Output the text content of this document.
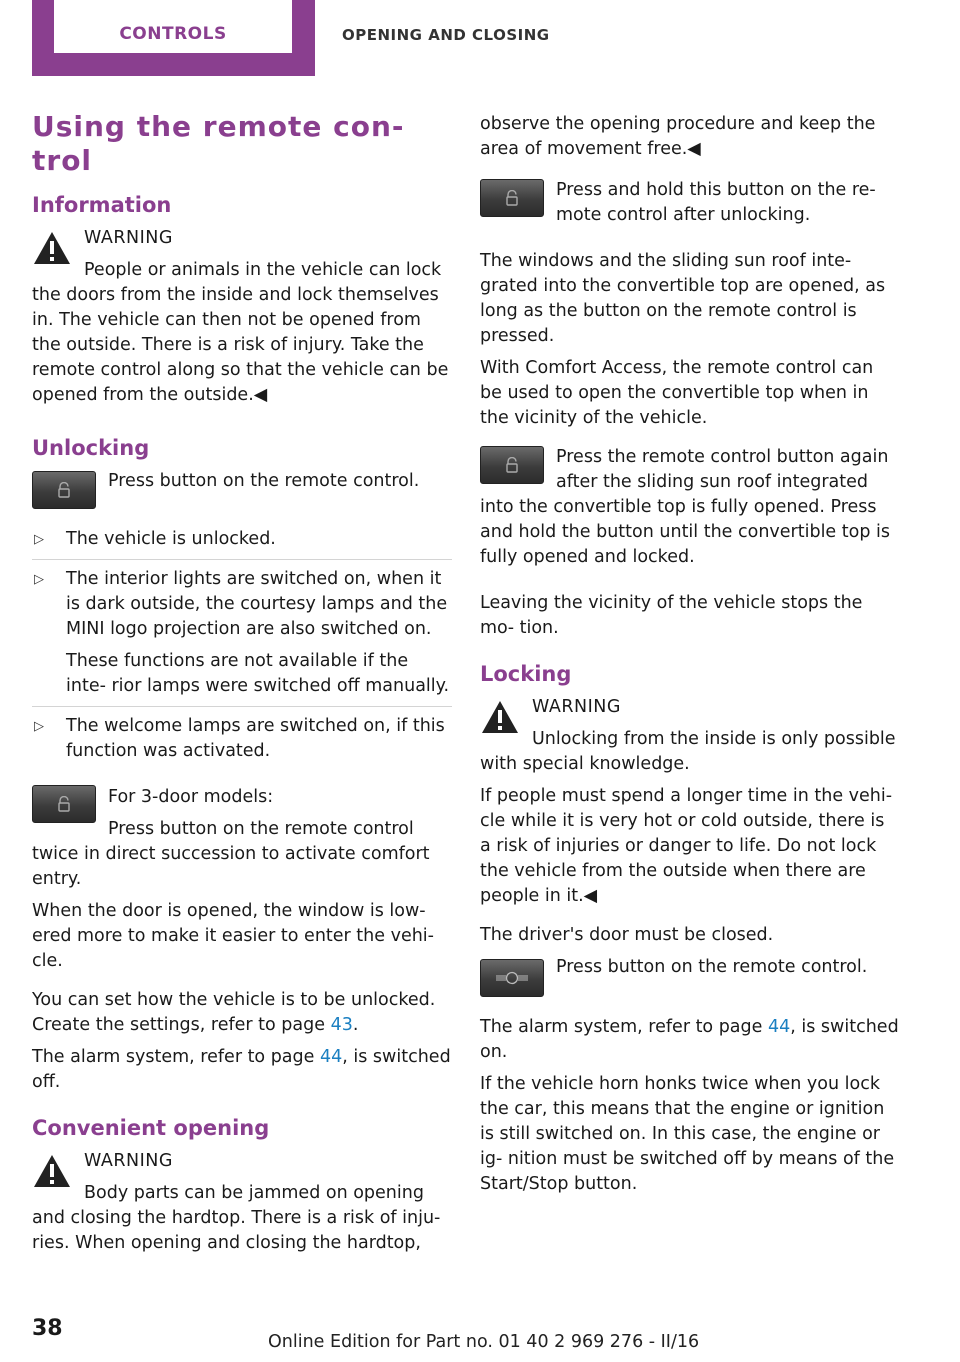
CONTROLS	OPENING AND CLOSING
Using the remote con‐ trol
Information
WARNING

People or animals in the vehicle can lock the doors from the inside and lock themselves in. The vehicle can then not be opened from the outside. There is a risk of injury. Take the remote control along so that the vehicle can be opened from the outside.◀

Unlocking

Press button on the remote control.

▷ The vehicle is unlocked.
▷ The interior lights are switched on, when it is dark outside, the courtesy lamps and the MINI logo projection are also switched on.
These functions are not available if the inte‐ rior lamps were switched off manually.
▷ The welcome lamps are switched on, if this function was activated.

For 3-door models:

Press button on the remote control twice in direct succession to activate comfort entry.

When the door is opened, the window is low‐ ered more to make it easier to enter the vehi‐ cle.

You can set how the vehicle is to be unlocked. Create the settings, refer to page 43.

The alarm system, refer to page 44, is switched off.

Convenient opening
WARNING

Body parts can be jammed on opening and closing the hardtop. There is a risk of inju‐ ries. When opening and closing the hardtop,

observe the opening procedure and keep the area of movement free.◀

Press and hold this button on the re‐ mote control after unlocking.

The windows and the sliding sun roof inte‐ grated into the convertible top are opened, as long as the button on the remote control is pressed.

With Comfort Access, the remote control can be used to open the convertible top when in the vicinity of the vehicle.

Press the remote control button again after the sliding sun roof integrated into the convertible top is fully opened. Press and hold the button until the convertible top is fully opened and locked.

Leaving the vicinity of the vehicle stops the mo‐ tion.

Locking
WARNING

Unlocking from the inside is only possible with special knowledge.

If people must spend a longer time in the vehi‐ cle while it is very hot or cold outside, there is a risk of injuries or danger to life. Do not lock the vehicle from the outside when there are people in it.◀

The driver's door must be closed.

Press button on the remote control.

The alarm system, refer to page 44, is switched on.

If the vehicle horn honks twice when you lock the car, this means that the engine or ignition is still switched on. In this case, the engine or ig‐ nition must be switched off by means of the Start/Stop button.

38
Online Edition for Part no. 01 40 2 969 276 - II/16
